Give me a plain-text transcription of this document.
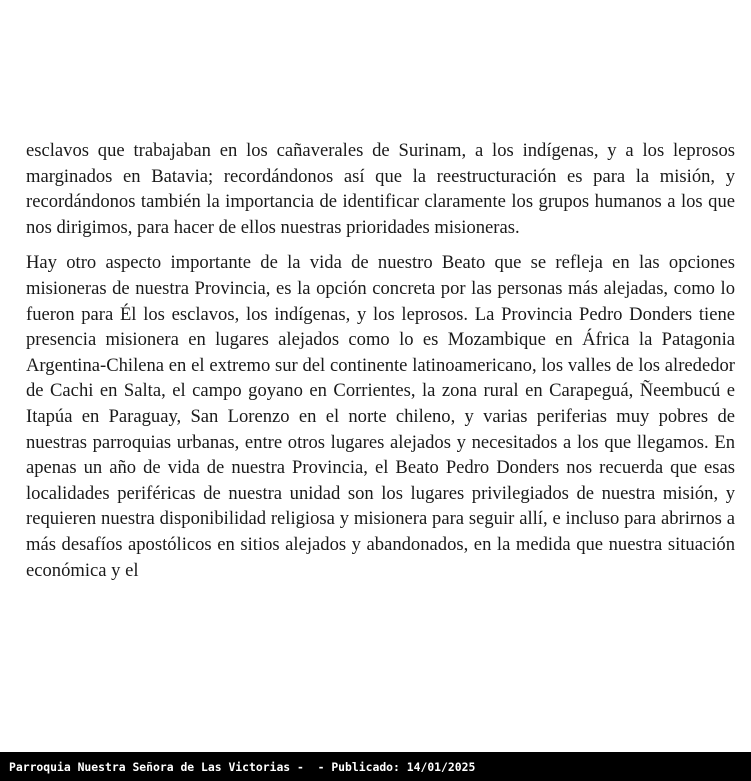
esclavos que trabajaban en los cañaverales de Surinam, a los indígenas, y a los leprosos marginados en Batavia; recordándonos así que la reestructuración es para la misión, y recordándonos también la importancia de identificar claramente los grupos humanos a los que nos dirigimos, para hacer de ellos nuestras prioridades misioneras.

Hay otro aspecto importante de la vida de nuestro Beato que se refleja en las opciones misioneras de nuestra Provincia, es la opción concreta por las personas más alejadas, como lo fueron para Él los esclavos, los indígenas, y los leprosos. La Provincia Pedro Donders tiene presencia misionera en lugares alejados como lo es Mozambique en África la Patagonia Argentina-Chilena en el extremo sur del continente latinoamericano, los valles de los alrededor de Cachi en Salta, el campo goyano en Corrientes, la zona rural en Carapeguá, Ñeembucú e Itapúa en Paraguay, San Lorenzo en el norte chileno, y varias periferias muy pobres de nuestras parroquias urbanas, entre otros lugares alejados y necesitados a los que llegamos. En apenas un año de vida de nuestra Provincia, el Beato Pedro Donders nos recuerda que esas localidades periféricas de nuestra unidad son los lugares privilegiados de nuestra misión, y requieren nuestra disponibilidad religiosa y misionera para seguir allí, e incluso para abrirnos a más desafíos apostólicos en sitios alejados y abandonados, en la medida que nuestra situación económica y el

Parroquia Nuestra Señora de Las Victorias -  - Publicado: 14/01/2025
